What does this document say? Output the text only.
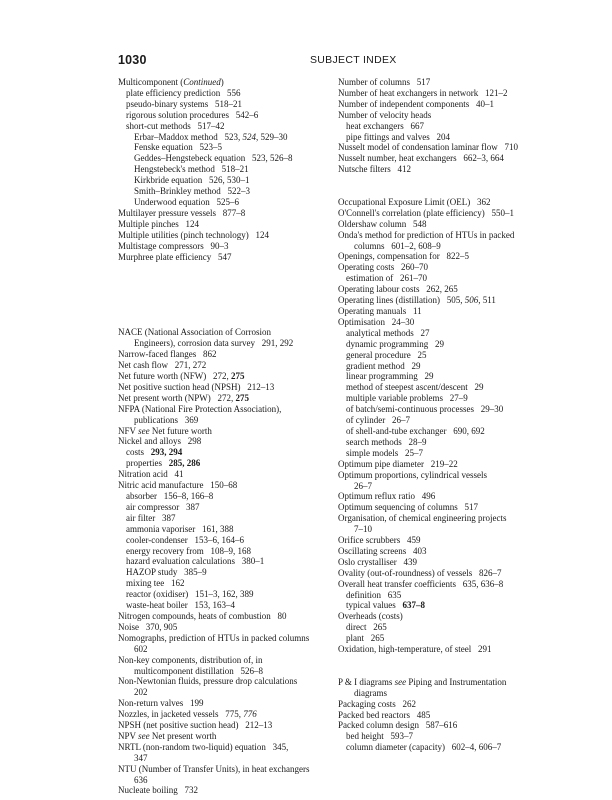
1030	SUBJECT INDEX
Multicomponent (Continued)
plate efficiency prediction   556
pseudo-binary systems   518–21
rigorous solution procedures   542–6
short-cut methods   517–42
Erbar–Maddox method   523, 524, 529–30
Fenske equation   523–5
Geddes–Hengstebeck equation   523, 526–8
Hengstebeck's method   518–21
Kirkbride equation   526, 530–1
Smith–Brinkley method   522–3
Underwood equation   525–6
Multilayer pressure vessels   877–8
Multiple pinches   124
Multiple utilities (pinch technology)   124
Multistage compressors   90–3
Murphree plate efficiency   547
NACE (National Association of Corrosion
Engineers), corrosion data survey   291, 292
Narrow-faced flanges   862
Net cash flow   271, 272
Net future worth (NFW)   272, 275
Net positive suction head (NPSH)   212–13
Net present worth (NPW)   272, 275
NFPA (National Fire Protection Association),
publications   369
NFV see Net future worth
Nickel and alloys   298
costs   293, 294
properties   285, 286
Nitration acid   41
Nitric acid manufacture   150–68
absorber   156–8, 166–8
air compressor   387
air filter   387
ammonia vaporiser   161, 388
cooler-condenser   153–6, 164–6
energy recovery from   108–9, 168
hazard evaluation calculations   380–1
HAZOP study   385–9
mixing tee   162
reactor (oxidiser)   151–3, 162, 389
waste-heat boiler   153, 163–4
Nitrogen compounds, heats of combustion   80
Noise   370, 905
Nomographs, prediction of HTUs in packed columns
602
Non-key components, distribution of, in
multicomponent distillation   526–8
Non-Newtonian fluids, pressure drop calculations
202
Non-return valves   199
Nozzles, in jacketed vessels   775, 776
NPSH (net positive suction head)   212–13
NPV see Net present worth
NRTL (non-random two-liquid) equation   345,
347
NTU (Number of Transfer Units), in heat exchangers
636
Nucleate boiling   732
Number of columns   517
Number of heat exchangers in network   121–2
Number of independent components   40–1
Number of velocity heads
heat exchangers   667
pipe fittings and valves   204
Nusselt model of condensation laminar flow   710
Nusselt number, heat exchangers   662–3, 664
Nutsche filters   412
Occupational Exposure Limit (OEL)   362
O'Connell's correlation (plate efficiency)   550–1
Oldershaw column   548
Onda's method for prediction of HTUs in packed
columns   601–2, 608–9
Openings, compensation for   822–5
Operating costs   260–70
estimation of   261–70
Operating labour costs   262, 265
Operating lines (distillation)   505, 506, 511
Operating manuals   11
Optimisation   24–30
analytical methods   27
dynamic programming   29
general procedure   25
gradient method   29
linear programming   29
method of steepest ascent/descent   29
multiple variable problems   27–9
of batch/semi-continuous processes   29–30
of cylinder   26–7
of shell-and-tube exchanger   690, 692
search methods   28–9
simple models   25–7
Optimum pipe diameter   219–22
Optimum proportions, cylindrical vessels
26–7
Optimum reflux ratio   496
Optimum sequencing of columns   517
Organisation, of chemical engineering projects
7–10
Orifice scrubbers   459
Oscillating screens   403
Oslo crystalliser   439
Ovality (out-of-roundness) of vessels   826–7
Overall heat transfer coefficients   635, 636–8
definition   635
typical values   637–8
Overheads (costs)
direct   265
plant   265
Oxidation, high-temperature, of steel   291
P & I diagrams see Piping and Instrumentation
diagrams
Packaging costs   262
Packed bed reactors   485
Packed column design   587–616
bed height   593–7
column diameter (capacity)   602–4, 606–7
